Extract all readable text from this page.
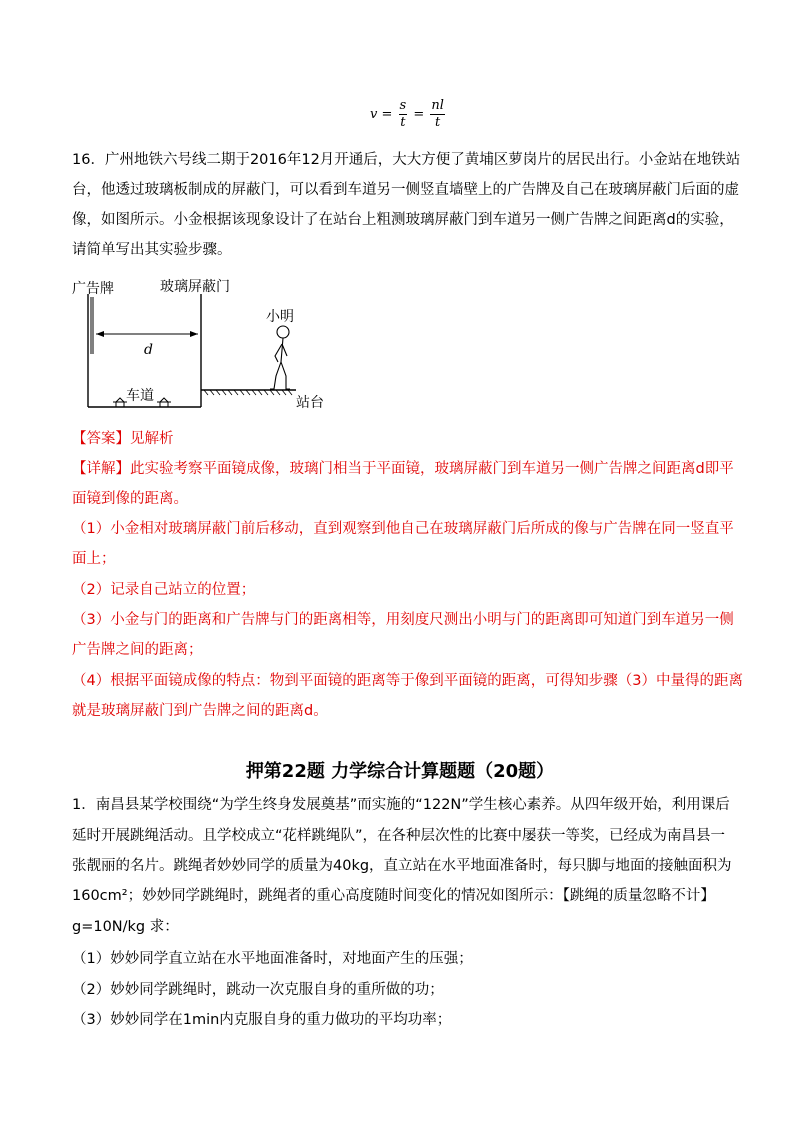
$v = \frac{s}{t} = \frac{nl}{t}$
16．广州地铁六号线二期于2016年12月开通后，大大方便了黄埔区萝岗片的居民出行。小金站在地铁站
台，他透过玻璃板制成的屏蔽门，可以看到车道另一侧竖直墙壁上的广告牌及自己在玻璃屏蔽门后面的虚
像，如图所示。小金根据该现象设计了在站台上粗测玻璃屏蔽门到车道另一侧广告牌之间距离d的实验，
请简单写出其实验步骤。
广告牌	玻璃屏蔽门
小明
d
车道	站台
【答案】见解析
【详解】此实验考察平面镜成像，玻璃门相当于平面镜，玻璃屏蔽门到车道另一侧广告牌之间距离d即平
面镜到像的距离。
（1）小金相对玻璃屏蔽门前后移动，直到观察到他自己在玻璃屏蔽门后所成的像与广告牌在同一竖直平
面上；
（2）记录自己站立的位置；
（3）小金与门的距离和广告牌与门的距离相等，用刻度尺测出小明与门的距离即可知道门到车道另一侧
广告牌之间的距离；
（4）根据平面镜成像的特点：物到平面镜的距离等于像到平面镜的距离，可得知步骤（3）中量得的距离
就是玻璃屏蔽门到广告牌之间的距离d。
押第22题 力学综合计算题题（20题）
1．南昌县某学校围绕“为学生终身发展奠基”而实施的“122N”学生核心素养。从四年级开始，利用课后
延时开展跳绳活动。且学校成立“花样跳绳队”，在各种层次性的比赛中屡获一等奖，已经成为南昌县一
张靓丽的名片。跳绳者妙妙同学的质量为40kg，直立站在水平地面准备时，每只脚与地面的接触面积为
160cm²；妙妙同学跳绳时，跳绳者的重心高度随时间变化的情况如图所示：【跳绳的质量忽略不计】
g=10N/kg 求：
（1）妙妙同学直立站在水平地面准备时，对地面产生的压强；
（2）妙妙同学跳绳时，跳动一次克服自身的重所做的功；
（3）妙妙同学在1min内克服自身的重力做功的平均功率；
